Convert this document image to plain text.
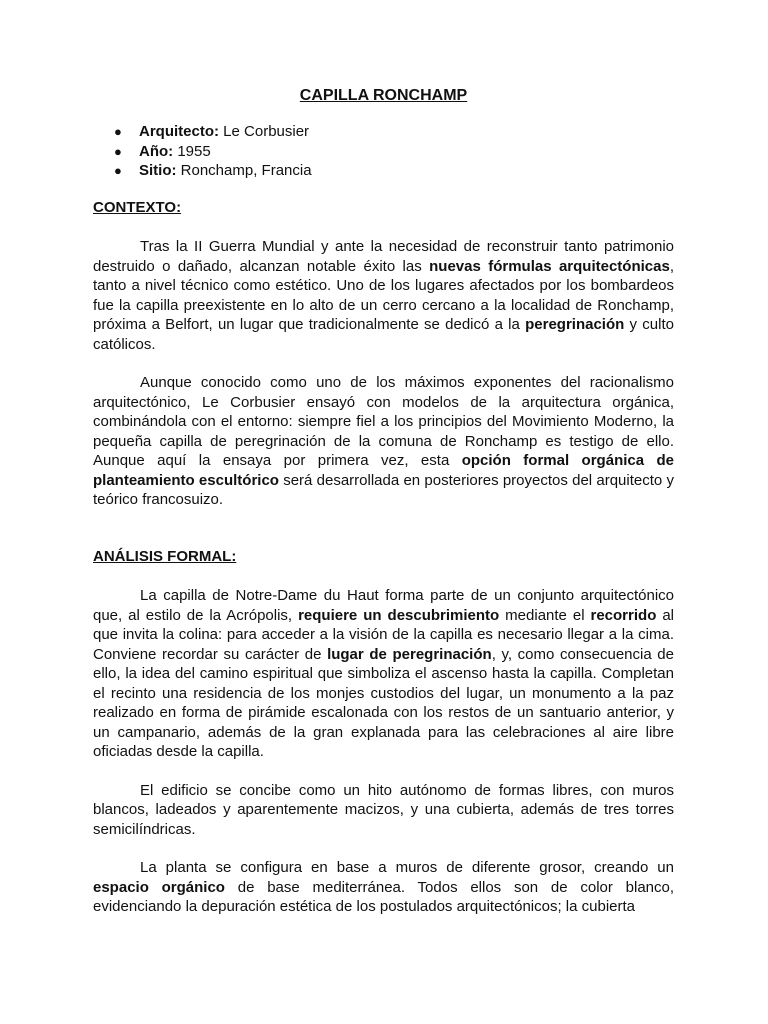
CAPILLA RONCHAMP
● Arquitecto: Le Corbusier
● Año: 1955
● Sitio: Ronchamp, Francia
CONTEXTO:

Tras la II Guerra Mundial y ante la necesidad de reconstruir tanto patrimonio destruido o dañado, alcanzan notable éxito las nuevas fórmulas arquitectónicas, tanto a nivel técnico como estético. Uno de los lugares afectados por los bombardeos fue la capilla preexistente en lo alto de un cerro cercano a la localidad de Ronchamp, próxima a Belfort, un lugar que tradicionalmente se dedicó a la peregrinación y culto católicos.

Aunque conocido como uno de los máximos exponentes del racionalismo arquitectónico, Le Corbusier ensayó con modelos de la arquitectura orgánica, combinándola con el entorno: siempre fiel a los principios del Movimiento Moderno, la pequeña capilla de peregrinación de la comuna de Ronchamp es testigo de ello. Aunque aquí la ensaya por primera vez, esta opción formal orgánica de planteamiento escultórico será desarrollada en posteriores proyectos del arquitecto y teórico francosuizo.

ANÁLISIS FORMAL:

La capilla de Notre-Dame du Haut forma parte de un conjunto arquitectónico que, al estilo de la Acrópolis, requiere un descubrimiento mediante el recorrido al que invita la colina: para acceder a la visión de la capilla es necesario llegar a la cima. Conviene recordar su carácter de lugar de peregrinación, y, como consecuencia de ello, la idea del camino espiritual que simboliza el ascenso hasta la capilla. Completan el recinto una residencia de los monjes custodios del lugar, un monumento a la paz realizado en forma de pirámide escalonada con los restos de un santuario anterior, y un campanario, además de la gran explanada para las celebraciones al aire libre oficiadas desde la capilla.

El edificio se concibe como un hito autónomo de formas libres, con muros blancos, ladeados y aparentemente macizos, y una cubierta, además de tres torres semicilíndricas.

La planta se configura en base a muros de diferente grosor, creando un espacio orgánico de base mediterránea. Todos ellos son de color blanco, evidenciando la depuración estética de los postulados arquitectónicos; la cubierta
